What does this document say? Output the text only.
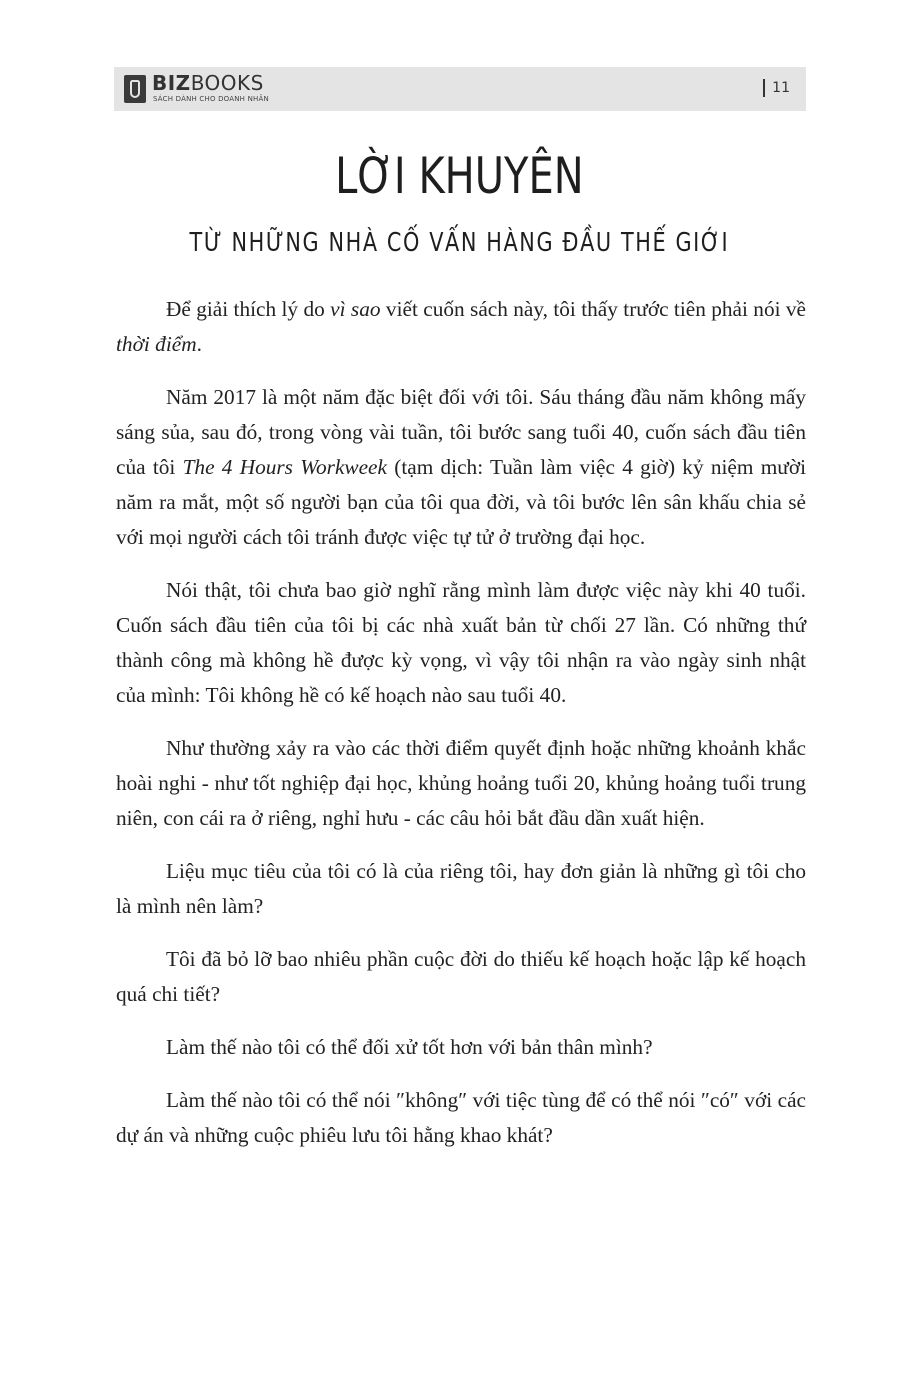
BIZBOOKS
SÁCH DÀNH CHO DOANH NHÂN
11
LỜI KHUYÊN
TỪ NHỮNG NHÀ CỐ VẤN HÀNG ĐẦU THẾ GIỚI

Để giải thích lý do vì sao viết cuốn sách này, tôi thấy trước tiên phải nói về thời điểm.

Năm 2017 là một năm đặc biệt đối với tôi. Sáu tháng đầu năm không mấy sáng sủa, sau đó, trong vòng vài tuần, tôi bước sang tuổi 40, cuốn sách đầu tiên của tôi The 4 Hours Workweek (tạm dịch: Tuần làm việc 4 giờ) kỷ niệm mười năm ra mắt, một số người bạn của tôi qua đời, và tôi bước lên sân khấu chia sẻ với mọi người cách tôi tránh được việc tự tử ở trường đại học.

Nói thật, tôi chưa bao giờ nghĩ rằng mình làm được việc này khi 40 tuổi. Cuốn sách đầu tiên của tôi bị các nhà xuất bản từ chối 27 lần. Có những thứ thành công mà không hề được kỳ vọng, vì vậy tôi nhận ra vào ngày sinh nhật của mình: Tôi không hề có kế hoạch nào sau tuổi 40.

Như thường xảy ra vào các thời điểm quyết định hoặc những khoảnh khắc hoài nghi - như tốt nghiệp đại học, khủng hoảng tuổi 20, khủng hoảng tuổi trung niên, con cái ra ở riêng, nghỉ hưu - các câu hỏi bắt đầu dần xuất hiện.

Liệu mục tiêu của tôi có là của riêng tôi, hay đơn giản là những gì tôi cho là mình nên làm?

Tôi đã bỏ lỡ bao nhiêu phần cuộc đời do thiếu kế hoạch hoặc lập kế hoạch quá chi tiết?

Làm thế nào tôi có thể đối xử tốt hơn với bản thân mình?

Làm thế nào tôi có thể nói ″không″ với tiệc tùng để có thể nói ″có″ với các dự án và những cuộc phiêu lưu tôi hằng khao khát?
